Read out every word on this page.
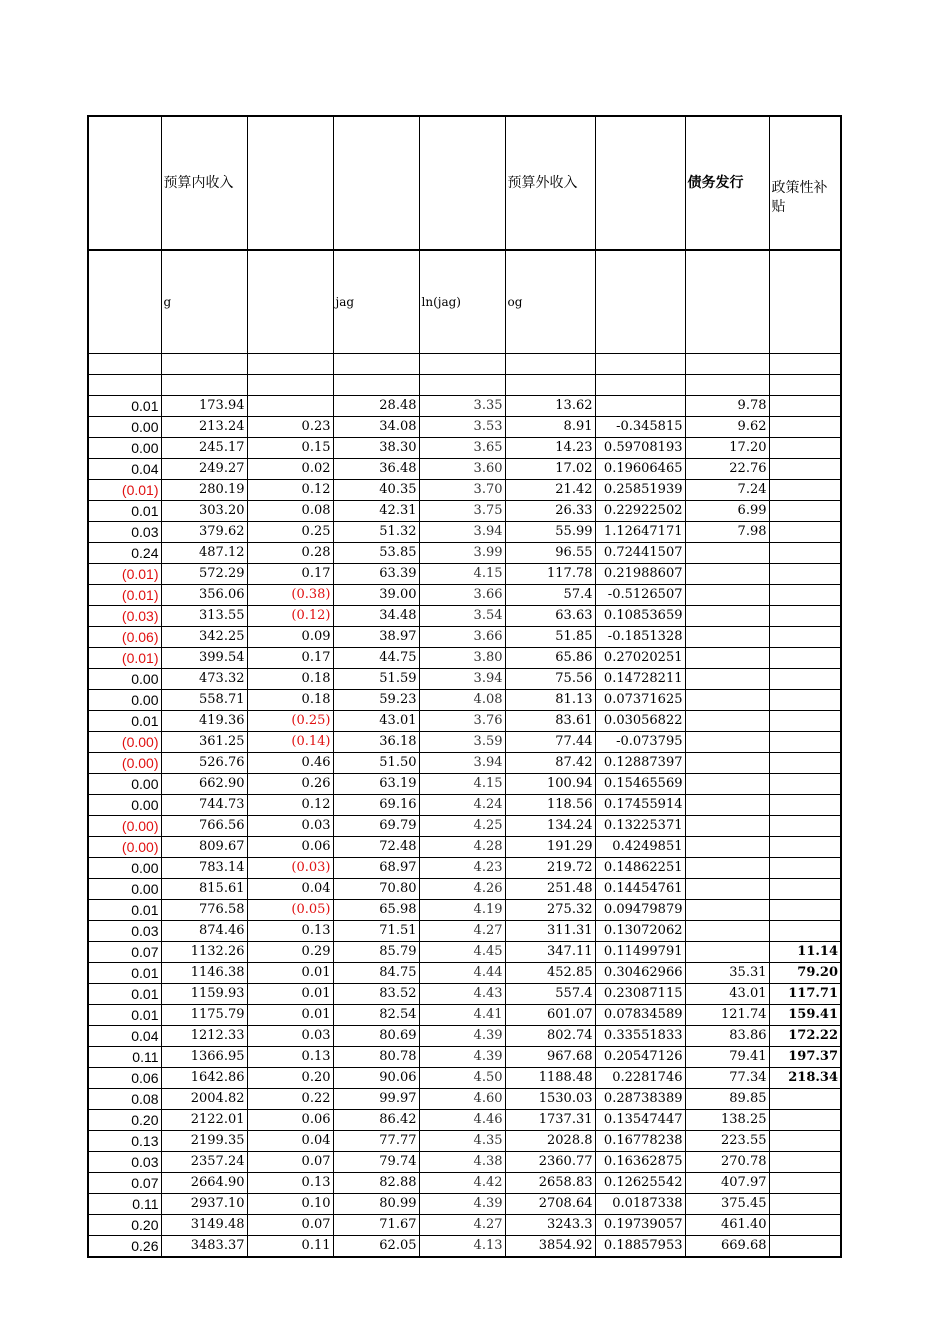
	预算内收入				预算外收入		债务发行	政策性补贴
	g		jag	ln(jag)	og			

0.01	173.94		28.48	3.35	13.62		9.78	
0.00	213.24	0.23	34.08	3.53	8.91	-0.345815	9.62	
0.00	245.17	0.15	38.30	3.65	14.23	0.59708193	17.20	
0.04	249.27	0.02	36.48	3.60	17.02	0.19606465	22.76	
(0.01)	280.19	0.12	40.35	3.70	21.42	0.25851939	7.24	
0.01	303.20	0.08	42.31	3.75	26.33	0.22922502	6.99	
0.03	379.62	0.25	51.32	3.94	55.99	1.12647171	7.98	
0.24	487.12	0.28	53.85	3.99	96.55	0.72441507		
(0.01)	572.29	0.17	63.39	4.15	117.78	0.21988607		
(0.01)	356.06	(0.38)	39.00	3.66	57.4	-0.5126507		
(0.03)	313.55	(0.12)	34.48	3.54	63.63	0.10853659		
(0.06)	342.25	0.09	38.97	3.66	51.85	-0.1851328		
(0.01)	399.54	0.17	44.75	3.80	65.86	0.27020251		
0.00	473.32	0.18	51.59	3.94	75.56	0.14728211		
0.00	558.71	0.18	59.23	4.08	81.13	0.07371625		
0.01	419.36	(0.25)	43.01	3.76	83.61	0.03056822		
(0.00)	361.25	(0.14)	36.18	3.59	77.44	-0.073795		
(0.00)	526.76	0.46	51.50	3.94	87.42	0.12887397		
0.00	662.90	0.26	63.19	4.15	100.94	0.15465569		
0.00	744.73	0.12	69.16	4.24	118.56	0.17455914		
(0.00)	766.56	0.03	69.79	4.25	134.24	0.13225371		
(0.00)	809.67	0.06	72.48	4.28	191.29	0.4249851		
0.00	783.14	(0.03)	68.97	4.23	219.72	0.14862251		
0.00	815.61	0.04	70.80	4.26	251.48	0.14454761		
0.01	776.58	(0.05)	65.98	4.19	275.32	0.09479879		
0.03	874.46	0.13	71.51	4.27	311.31	0.13072062		
0.07	1132.26	0.29	85.79	4.45	347.11	0.11499791		11.14
0.01	1146.38	0.01	84.75	4.44	452.85	0.30462966	35.31	79.20
0.01	1159.93	0.01	83.52	4.43	557.4	0.23087115	43.01	117.71
0.01	1175.79	0.01	82.54	4.41	601.07	0.07834589	121.74	159.41
0.04	1212.33	0.03	80.69	4.39	802.74	0.33551833	83.86	172.22
0.11	1366.95	0.13	80.78	4.39	967.68	0.20547126	79.41	197.37
0.06	1642.86	0.20	90.06	4.50	1188.48	0.2281746	77.34	218.34
0.08	2004.82	0.22	99.97	4.60	1530.03	0.28738389	89.85	
0.20	2122.01	0.06	86.42	4.46	1737.31	0.13547447	138.25	
0.13	2199.35	0.04	77.77	4.35	2028.8	0.16778238	223.55	
0.03	2357.24	0.07	79.74	4.38	2360.77	0.16362875	270.78	
0.07	2664.90	0.13	82.88	4.42	2658.83	0.12625542	407.97	
0.11	2937.10	0.10	80.99	4.39	2708.64	0.0187338	375.45	
0.20	3149.48	0.07	71.67	4.27	3243.3	0.19739057	461.40	
0.26	3483.37	0.11	62.05	4.13	3854.92	0.18857953	669.68	
